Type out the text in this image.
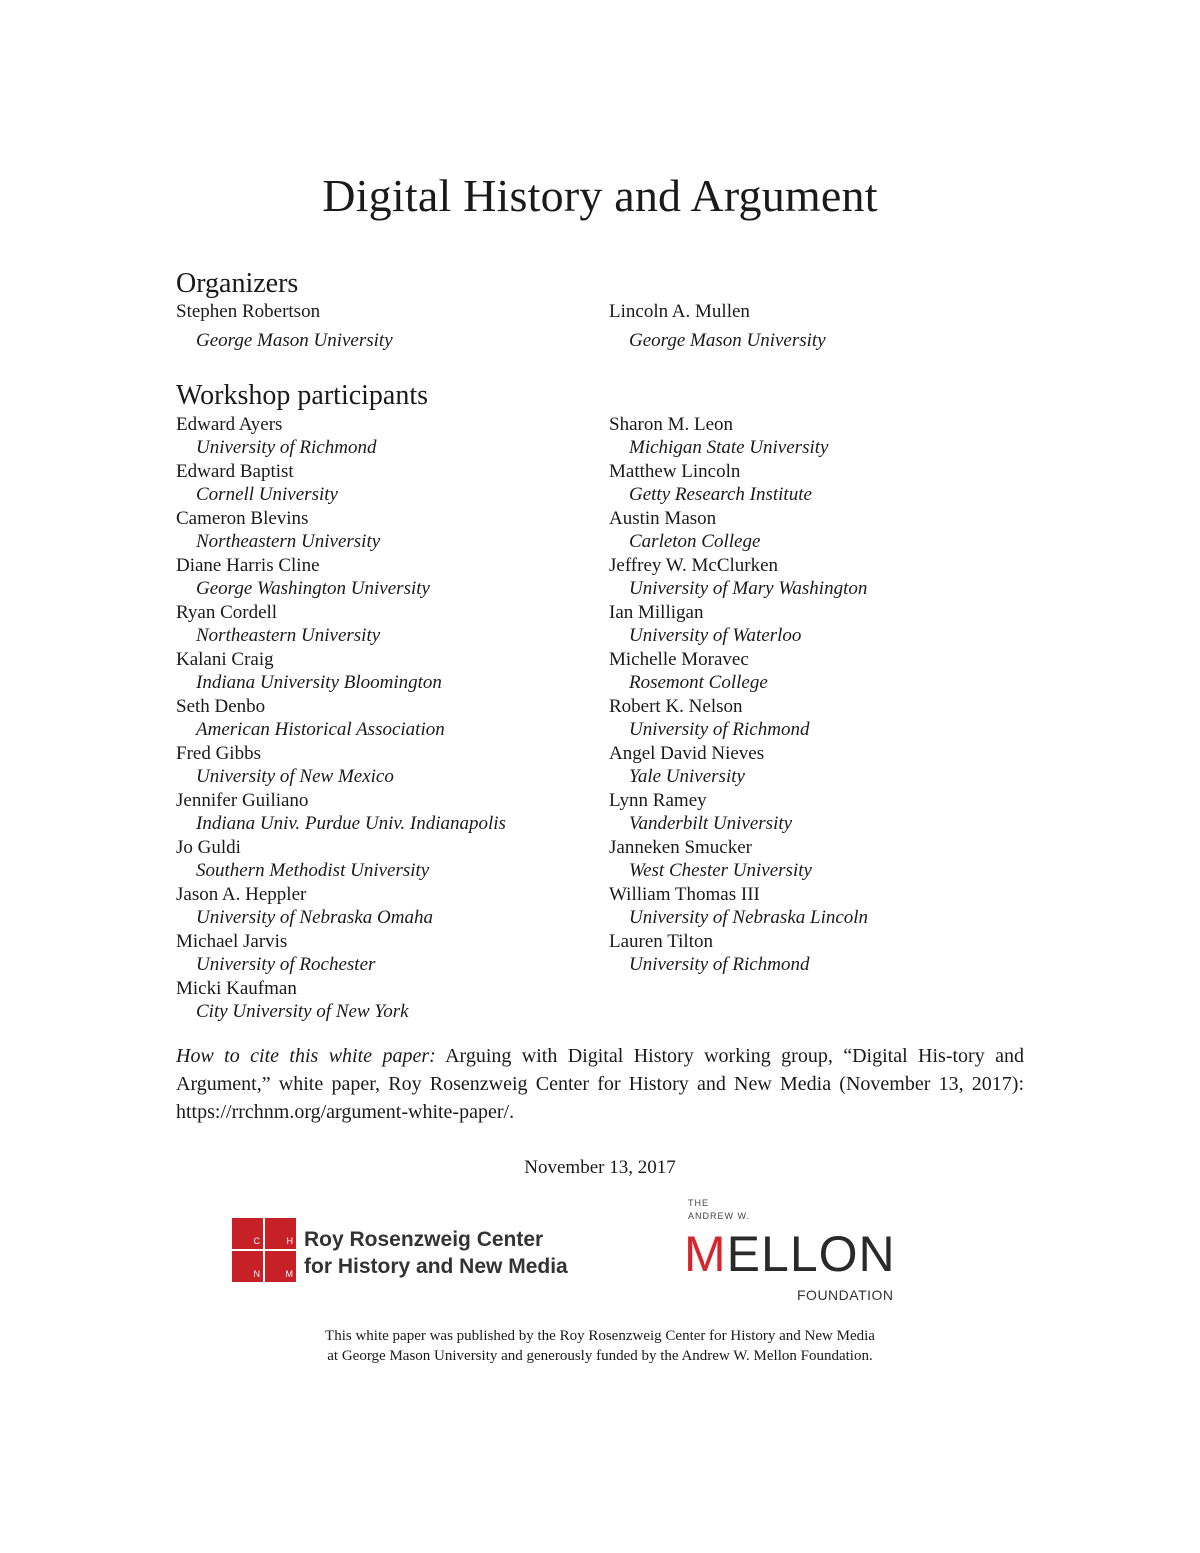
Digital History and Argument
Organizers
Stephen Robertson
George Mason University
Lincoln A. Mullen
George Mason University
Workshop participants
Edward Ayers
University of Richmond
Edward Baptist
Cornell University
Cameron Blevins
Northeastern University
Diane Harris Cline
George Washington University
Ryan Cordell
Northeastern University
Kalani Craig
Indiana University Bloomington
Seth Denbo
American Historical Association
Fred Gibbs
University of New Mexico
Jennifer Guiliano
Indiana Univ. Purdue Univ. Indianapolis
Jo Guldi
Southern Methodist University
Jason A. Heppler
University of Nebraska Omaha
Michael Jarvis
University of Rochester
Micki Kaufman
City University of New York
Sharon M. Leon
Michigan State University
Matthew Lincoln
Getty Research Institute
Austin Mason
Carleton College
Jeffrey W. McClurken
University of Mary Washington
Ian Milligan
University of Waterloo
Michelle Moravec
Rosemont College
Robert K. Nelson
University of Richmond
Angel David Nieves
Yale University
Lynn Ramey
Vanderbilt University
Janneken Smucker
West Chester University
William Thomas III
University of Nebraska Lincoln
Lauren Tilton
University of Richmond
How to cite this white paper: Arguing with Digital History working group, “Digital His-tory and Argument,” white paper, Roy Rosenzweig Center for History and New Media (November 13, 2017): https://rrchnm.org/argument-white-paper/.
November 13, 2017
C	H
N	M
Roy Rosenzweig Center
for History and New Media
THE
ANDREW W.
MELLON
FOUNDATION
This white paper was published by the Roy Rosenzweig Center for History and New Media
at George Mason University and generously funded by the Andrew W. Mellon Foundation.
